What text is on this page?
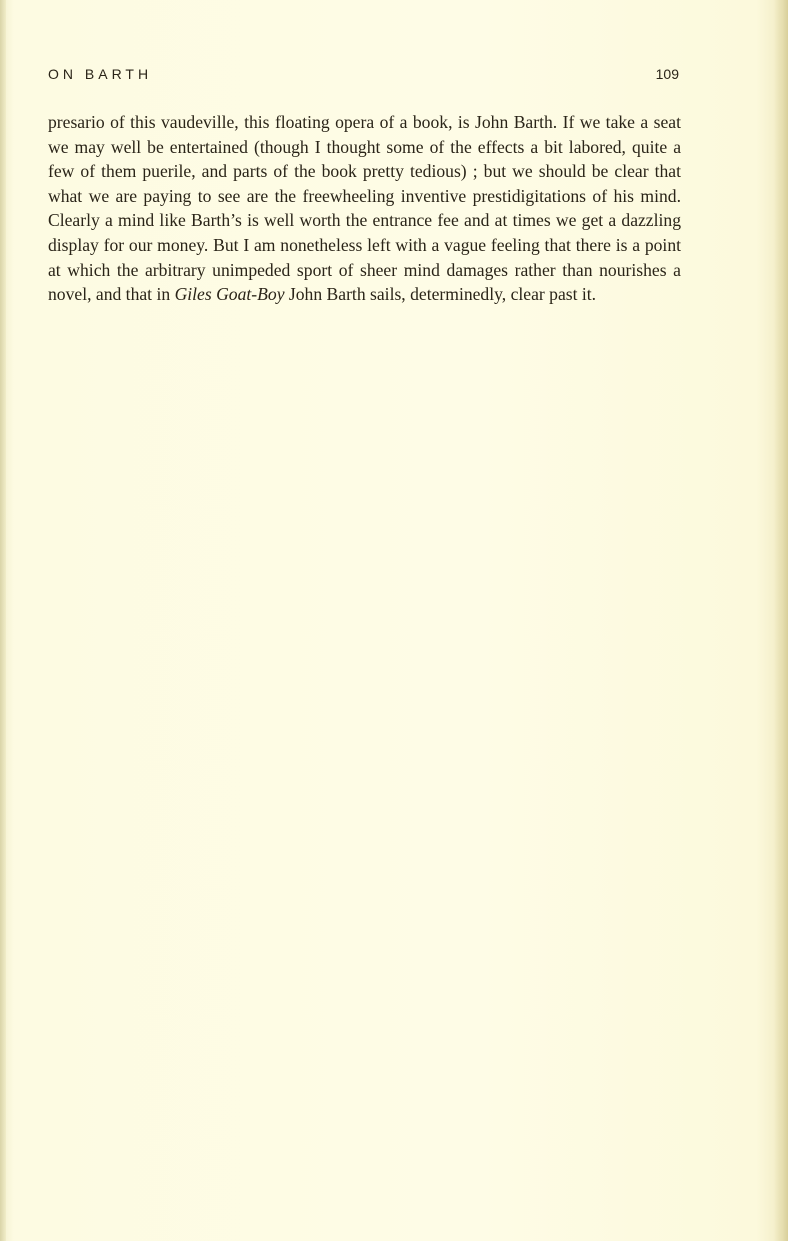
ON BARTH	109

presario of this vaudeville, this floating opera of a book, is John Barth. If we take a seat we may well be entertained (though I thought some of the effects a bit labored, quite a few of them puerile, and parts of the book pretty tedious) ; but we should be clear that what we are paying to see are the freewheeling inventive prestidigitations of his mind. Clearly a mind like Barth’s is well worth the entrance fee and at times we get a dazzling display for our money. But I am nonetheless left with a vague feeling that there is a point at which the arbitrary unimpeded sport of sheer mind damages rather than nourishes a novel, and that in Giles Goat-Boy John Barth sails, determinedly, clear past it.
